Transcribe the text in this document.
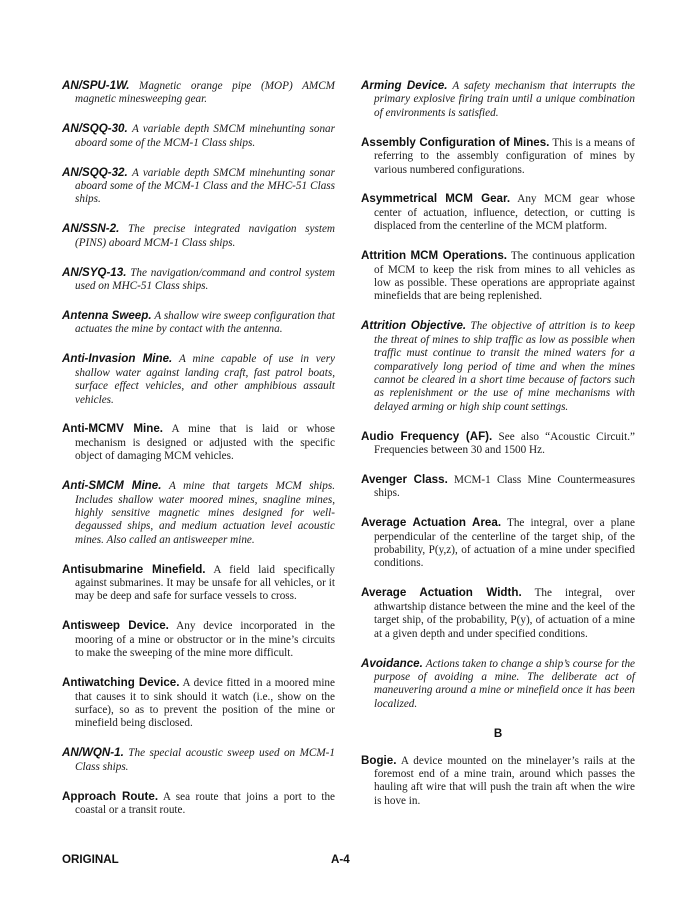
AN/SPU-1W. Magnetic orange pipe (MOP) AMCM magnetic minesweeping gear.

AN/SQQ-30. A variable depth SMCM minehunting sonar aboard some of the MCM-1 Class ships.

AN/SQQ-32. A variable depth SMCM minehunting sonar aboard some of the MCM-1 Class and the MHC-51 Class ships.

AN/SSN-2. The precise integrated navigation system (PINS) aboard MCM-1 Class ships.

AN/SYQ-13. The navigation/command and control system used on MHC-51 Class ships.

Antenna Sweep. A shallow wire sweep configuration that actuates the mine by contact with the antenna.

Anti-Invasion Mine. A mine capable of use in very shallow water against landing craft, fast patrol boats, surface effect vehicles, and other amphibious assault vehicles.

Anti-MCMV Mine. A mine that is laid or whose mechanism is designed or adjusted with the specific object of damaging MCM vehicles.

Anti-SMCM Mine. A mine that targets MCM ships. Includes shallow water moored mines, snagline mines, highly sensitive magnetic mines designed for well-degaussed ships, and medium actuation level acoustic mines. Also called an antisweeper mine.

Antisubmarine Minefield. A field laid specifically against submarines. It may be unsafe for all vehicles, or it may be deep and safe for surface vessels to cross.

Antisweep Device. Any device incorporated in the mooring of a mine or obstructor or in the mine’s circuits to make the sweeping of the mine more difficult.

Antiwatching Device. A device fitted in a moored mine that causes it to sink should it watch (i.e., show on the surface), so as to prevent the position of the mine or minefield being disclosed.

AN/WQN-1. The special acoustic sweep used on MCM-1 Class ships.

Approach Route. A sea route that joins a port to the coastal or a transit route.

Arming Device. A safety mechanism that interrupts the primary explosive firing train until a unique combination of environments is satisfied.

Assembly Configuration of Mines. This is a means of referring to the assembly configuration of mines by various numbered configurations.

Asymmetrical MCM Gear. Any MCM gear whose center of actuation, influence, detection, or cutting is displaced from the centerline of the MCM platform.

Attrition MCM Operations. The continuous application of MCM to keep the risk from mines to all vehicles as low as possible. These operations are appropriate against minefields that are being replenished.

Attrition Objective. The objective of attrition is to keep the threat of mines to ship traffic as low as possible when traffic must continue to transit the mined waters for a comparatively long period of time and when the mines cannot be cleared in a short time because of factors such as replenishment or the use of mine mechanisms with delayed arming or high ship count settings.

Audio Frequency (AF). See also “Acoustic Circuit.” Frequencies between 30 and 1500 Hz.

Avenger Class. MCM-1 Class Mine Countermeasures ships.

Average Actuation Area. The integral, over a plane perpendicular of the centerline of the target ship, of the probability, P(y,z), of actuation of a mine under specified conditions.

Average Actuation Width. The integral, over athwartship distance between the mine and the keel of the target ship, of the probability, P(y), of actuation of a mine at a given depth and under specified conditions.

Avoidance. Actions taken to change a ship’s course for the purpose of avoiding a mine. The deliberate act of maneuvering around a mine or minefield once it has been localized.

B

Bogie. A device mounted on the minelayer’s rails at the foremost end of a mine train, around which passes the hauling aft wire that will push the train aft when the wire is hove in.

ORIGINAL	A-4
